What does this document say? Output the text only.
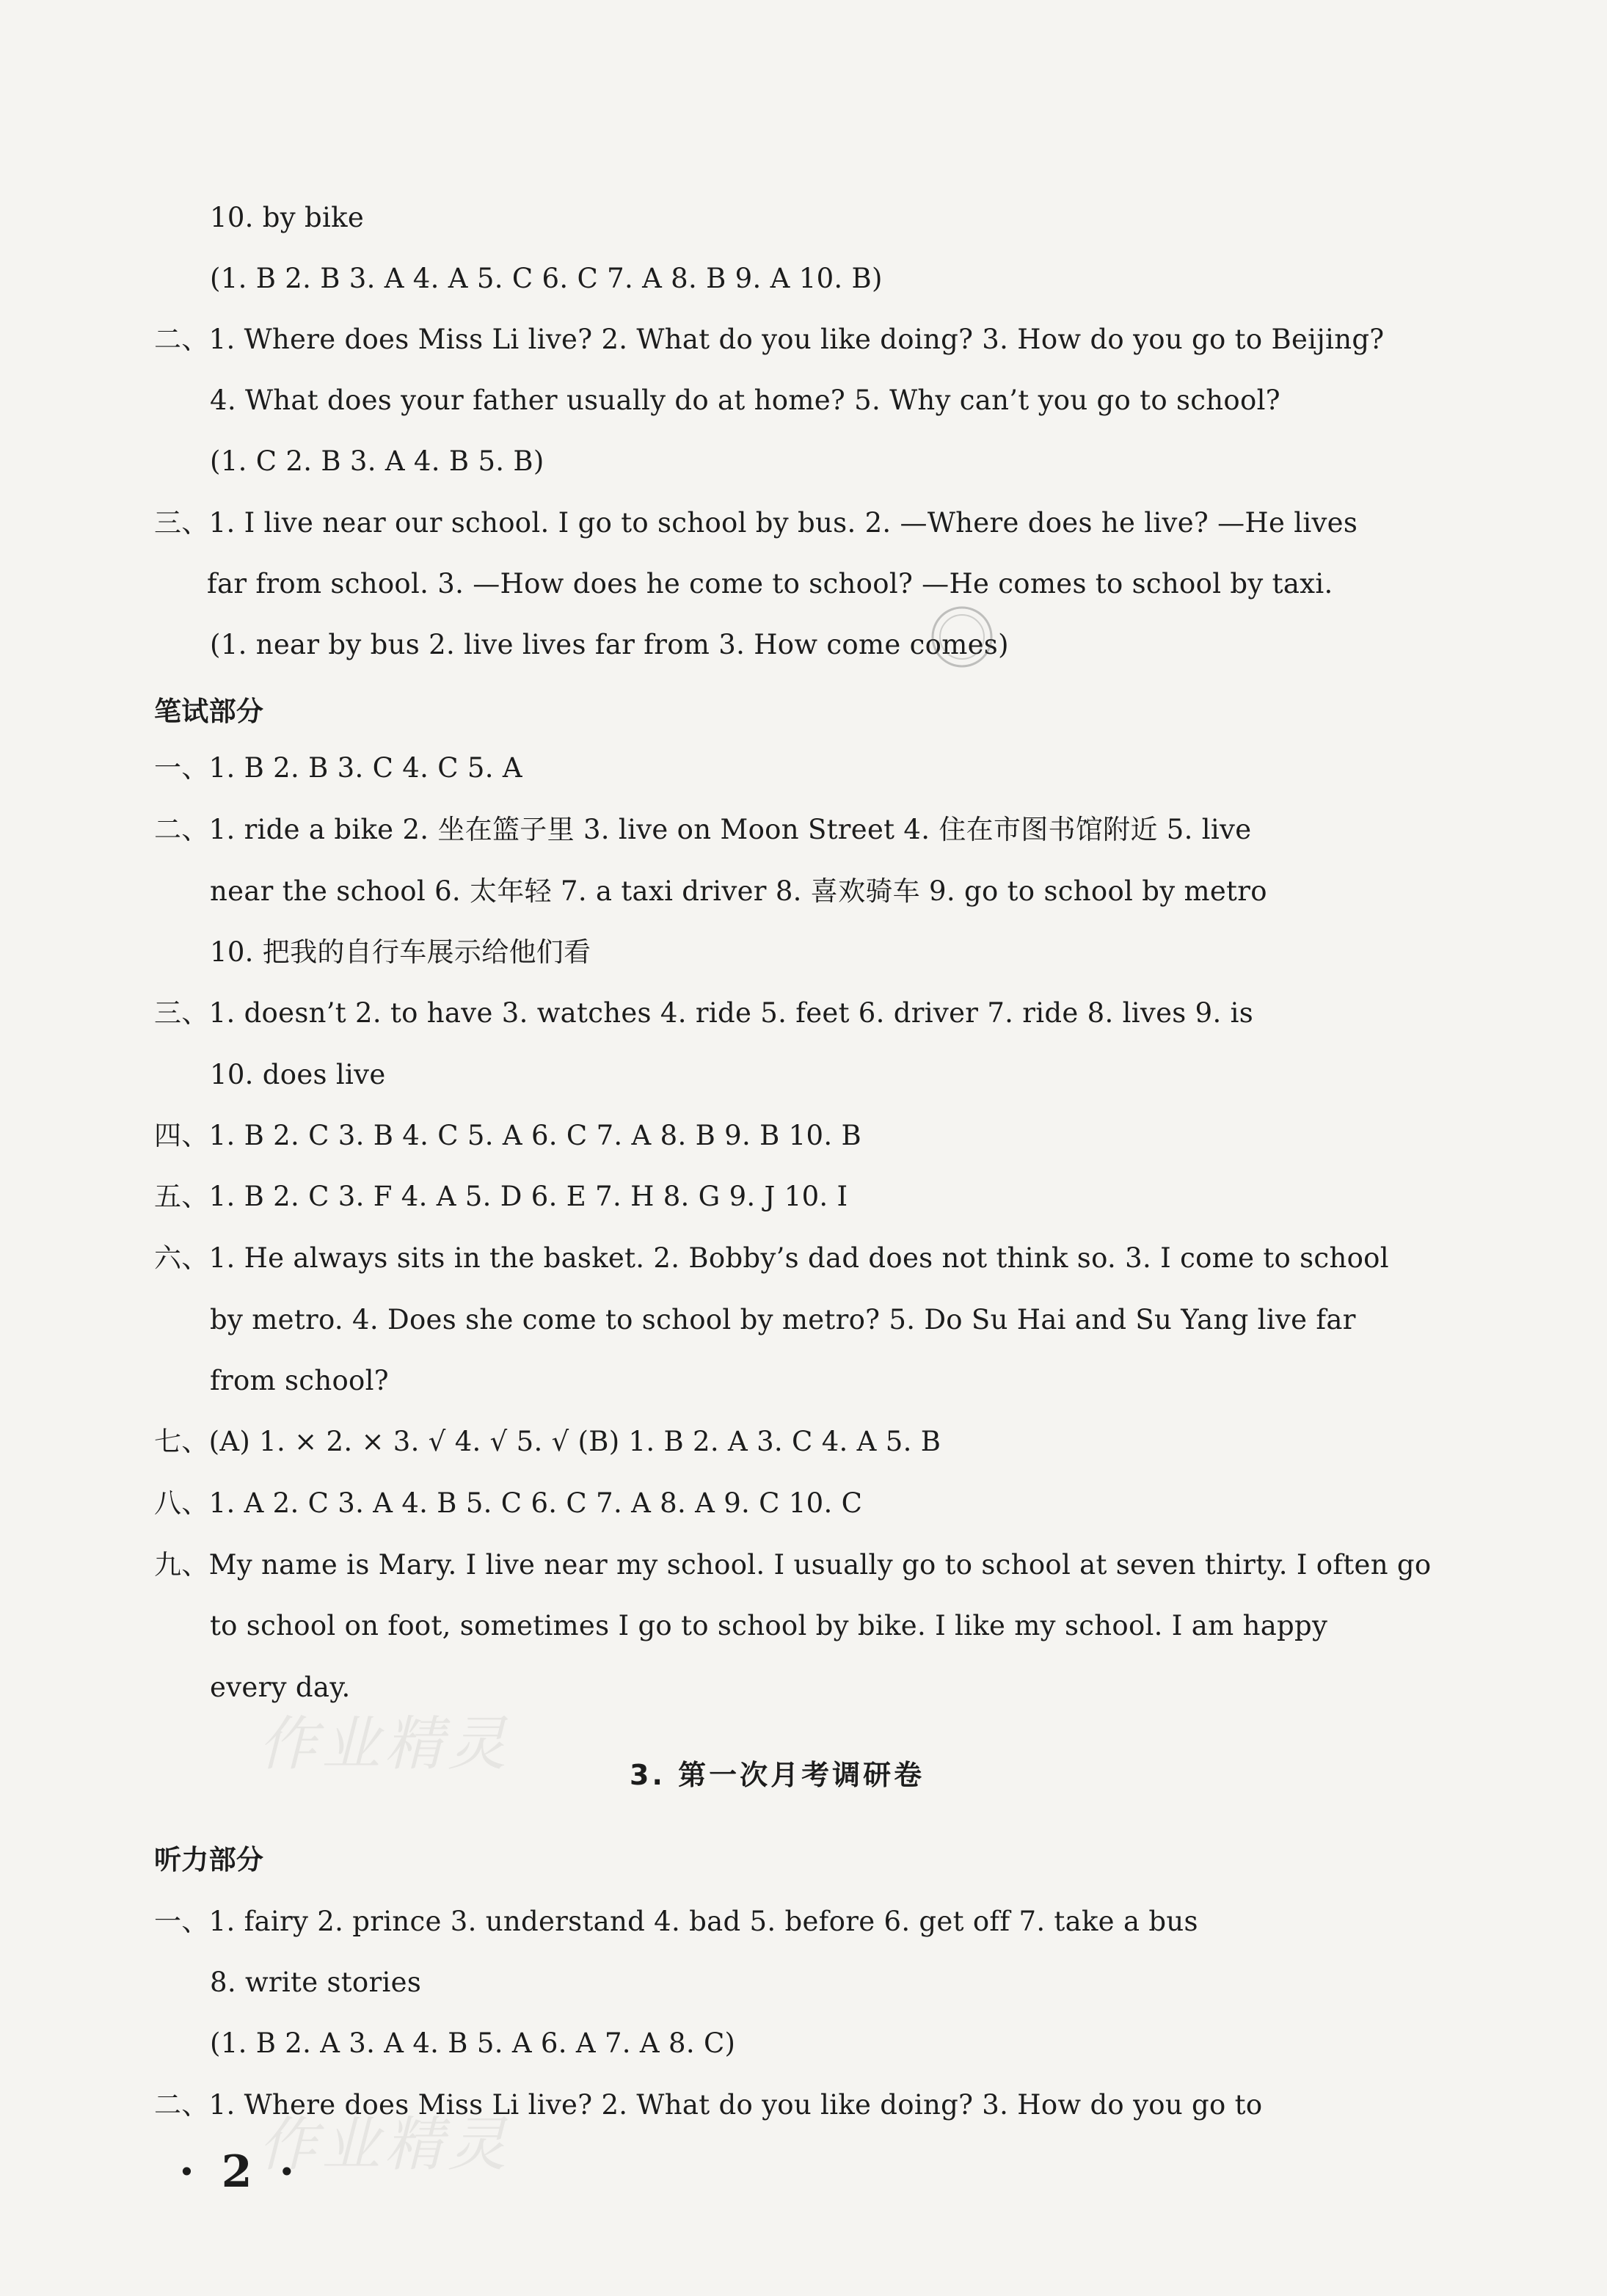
10. by bike
(1. B 2. B 3. A 4. A 5. C 6. C 7. A 8. B 9. A 10. B)
二、1. Where does Miss Li live? 2. What do you like doing? 3. How do you go to Beijing?
4. What does your father usually do at home? 5. Why can’t you go to school?
(1. C 2. B 3. A 4. B 5. B)
三、1. I live near our school. I go to school by bus. 2. —Where does he live? —He lives
far from school. 3. —How does he come to school? —He comes to school by taxi.
(1. near by bus 2. live lives far from 3. How come comes)
笔试部分
一、1. B 2. B 3. C 4. C 5. A
二、1. ride a bike 2. 坐在篮子里 3. live on Moon Street 4. 住在市图书馆附近 5. live
near the school 6. 太年轻 7. a taxi driver 8. 喜欢骑车 9. go to school by metro
10. 把我的自行车展示给他们看
三、1. doesn’t 2. to have 3. watches 4. ride 5. feet 6. driver 7. ride 8. lives 9. is
10. does live
四、1. B 2. C 3. B 4. C 5. A 6. C 7. A 8. B 9. B 10. B
五、1. B 2. C 3. F 4. A 5. D 6. E 7. H 8. G 9. J 10. I
六、1. He always sits in the basket. 2. Bobby’s dad does not think so. 3. I come to school
by metro. 4. Does she come to school by metro? 5. Do Su Hai and Su Yang live far
from school?
七、(A) 1. × 2. × 3. √ 4. √ 5. √ (B) 1. B 2. A 3. C 4. A 5. B
八、1. A 2. C 3. A 4. B 5. C 6. C 7. A 8. A 9. C 10. C
九、My name is Mary. I live near my school. I usually go to school at seven thirty. I often go
to school on foot, sometimes I go to school by bike. I like my school. I am happy
every day.
3. 第一次月考调研卷
听力部分
一、1. fairy 2. prince 3. understand 4. bad 5. before 6. get off 7. take a bus
8. write stories
(1. B 2. A 3. A 4. B 5. A 6. A 7. A 8. C)
二、1. Where does Miss Li live? 2. What do you like doing? 3. How do you go to
· 2 ·
作业精灵
作业精灵
